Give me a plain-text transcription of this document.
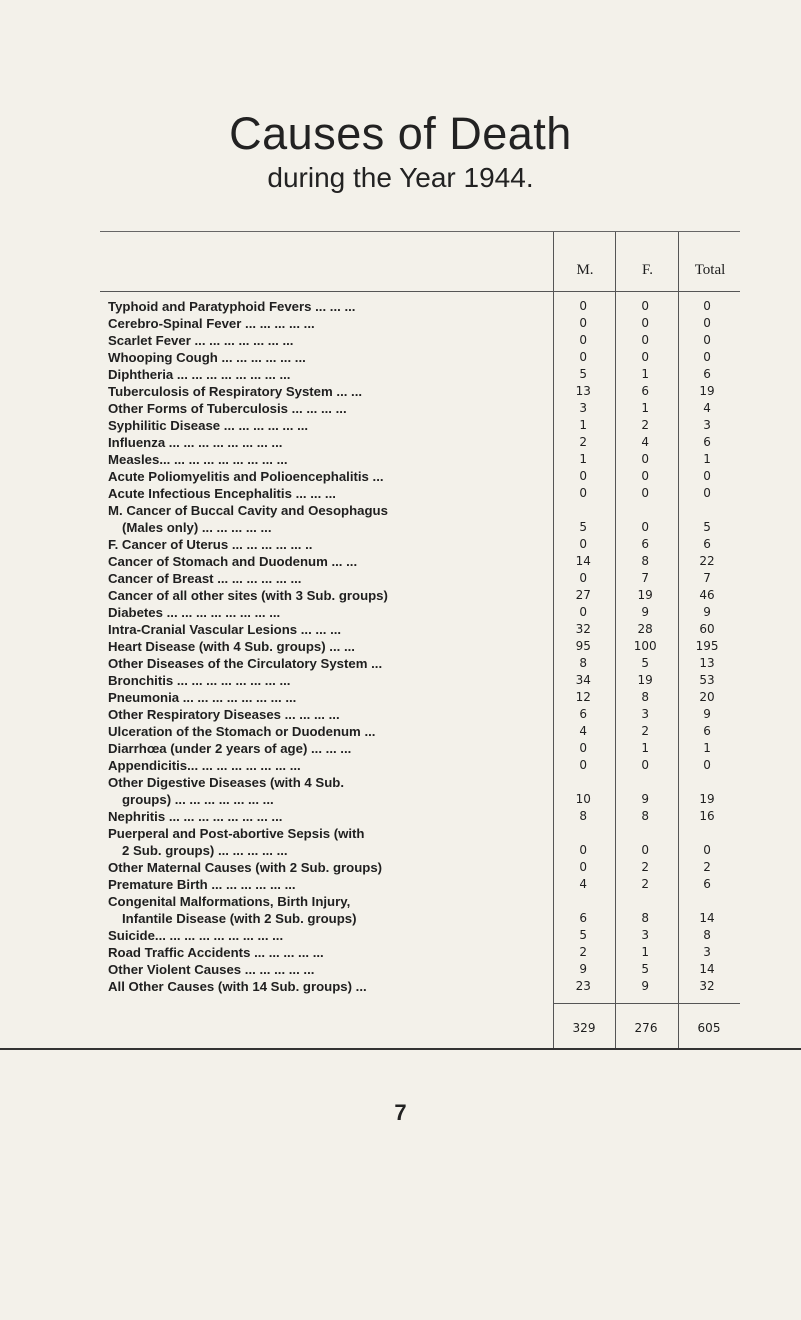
Causes of Death
during the Year 1944.
M.	F.	Total
Typhoid and Paratyphoid Fevers ... ... ...	0	0	0
Cerebro-Spinal Fever ... ... ... ... ...	0	0	0
Scarlet Fever ... ... ... ... ... ... ...	0	0	0
Whooping Cough ... ... ... ... ... ...	0	0	0
Diphtheria ... ... ... ... ... ... ... ...	5	1	6
Tuberculosis of Respiratory System ... ...	13	6	19
Other Forms of Tuberculosis ... ... ... ...	3	1	4
Syphilitic Disease ... ... ... ... ... ...	1	2	3
Influenza ... ... ... ... ... ... ... ...	2	4	6
Measles... ... ... ... ... ... ... ... ...	1	0	1
Acute Poliomyelitis and Polioencephalitis ...	0	0	0
Acute Infectious Encephalitis ... ... ...	0	0	0
M. Cancer of Buccal Cavity and Oesophagus
(Males only) ... ... ... ... ...	5	0	5
F. Cancer of Uterus ... ... ... ... ... ..	0	6	6
Cancer of Stomach and Duodenum ... ...	14	8	22
Cancer of Breast ... ... ... ... ... ...	0	7	7
Cancer of all other sites (with 3 Sub. groups)	27	19	46
Diabetes ... ... ... ... ... ... ... ...	0	9	9
Intra-Cranial Vascular Lesions ... ... ...	32	28	60
Heart Disease (with 4 Sub. groups) ... ...	95	100	195
Other Diseases of the Circulatory System ...	8	5	13
Bronchitis ... ... ... ... ... ... ... ...	34	19	53
Pneumonia ... ... ... ... ... ... ... ...	12	8	20
Other Respiratory Diseases ... ... ... ...	6	3	9
Ulceration of the Stomach or Duodenum ...	4	2	6
Diarrhœa (under 2 years of age) ... ... ...	0	1	1
Appendicitis... ... ... ... ... ... ... ...	0	0	0
Other Digestive Diseases (with 4 Sub.
groups) ... ... ... ... ... ... ...	10	9	19
Nephritis ... ... ... ... ... ... ... ...	8	8	16
Puerperal and Post-abortive Sepsis (with
2 Sub. groups) ... ... ... ... ...	0	0	0
Other Maternal Causes (with 2 Sub. groups)	0	2	2
Premature Birth ... ... ... ... ... ...	4	2	6
Congenital Malformations, Birth Injury,
Infantile Disease (with 2 Sub. groups)	6	8	14
Suicide... ... ... ... ... ... ... ... ...	5	3	8
Road Traffic Accidents ... ... ... ... ...	2	1	3
Other Violent Causes ... ... ... ... ...	9	5	14
All Other Causes (with 14 Sub. groups) ...	23	9	32
329	276	605
7
